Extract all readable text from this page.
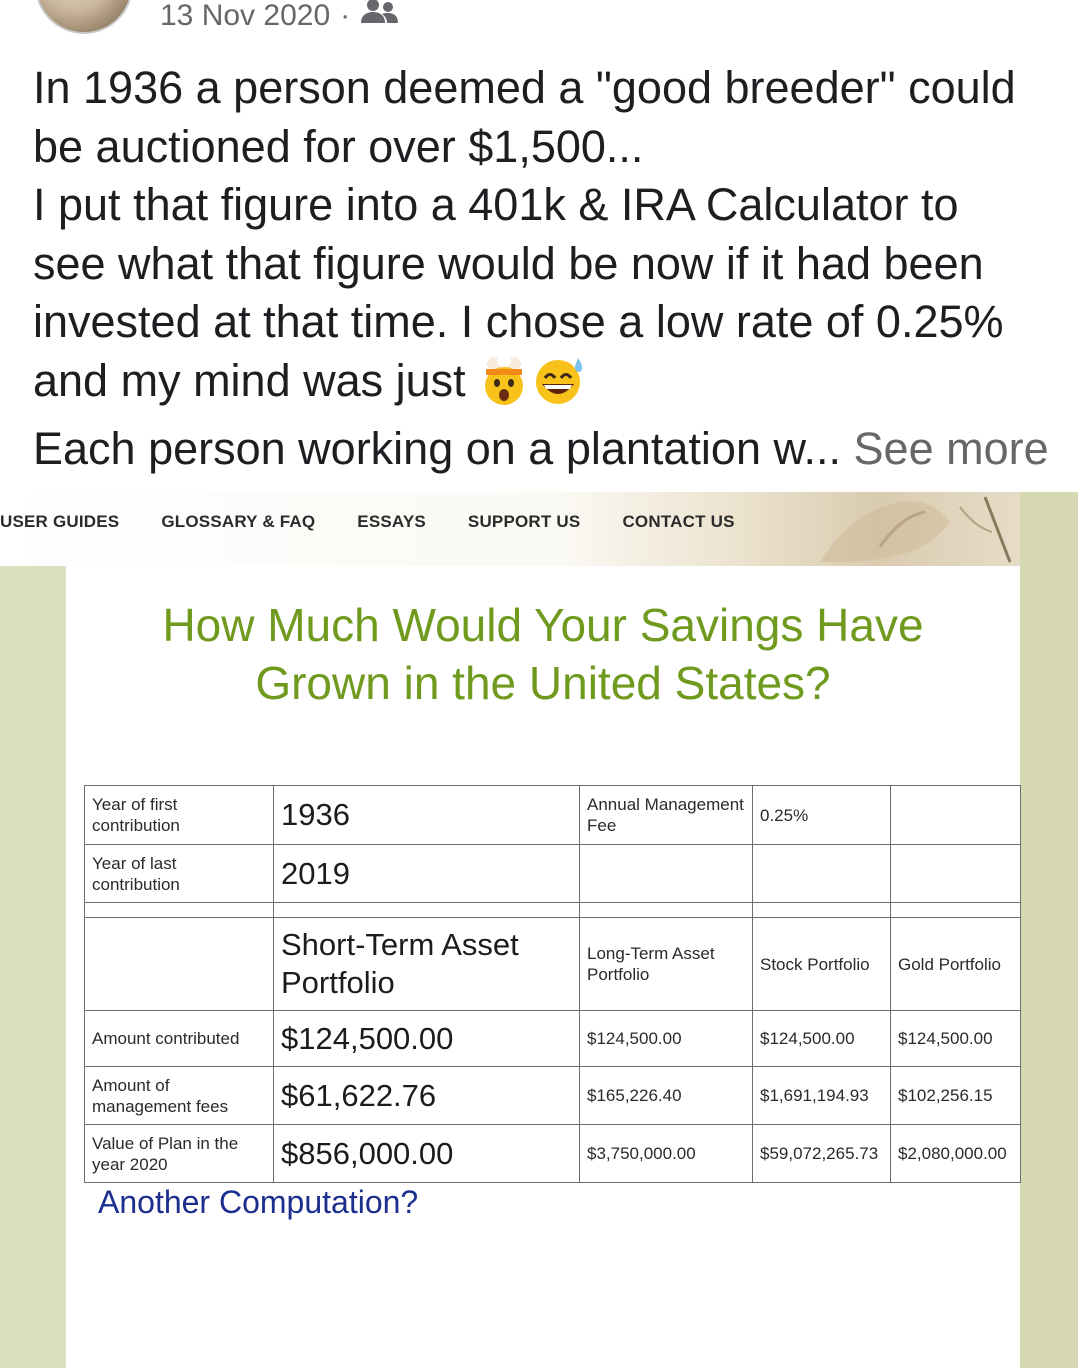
13 Nov 2020 ·
In 1936 a person deemed a "good breeder" could
be auctioned for over $1,500...
I put that figure into a 401k & IRA Calculator to
see what that figure would be now if it had been
invested at that time. I chose a low rate of 0.25%
and my mind was just
Each person working on a plantation w... See more
USER GUIDES GLOSSARY & FAQ ESSAYS SUPPORT US CONTACT US
How Much Would Your Savings Have
Grown in the United States?
Year of first contribution	1936	Annual Management Fee	0.25%	
Year of last contribution	2019			

	Short-Term Asset Portfolio	Long-Term Asset Portfolio	Stock Portfolio	Gold Portfolio
Amount contributed	$124,500.00	$124,500.00	$124,500.00	$124,500.00
Amount of management fees	$61,622.76	$165,226.40	$1,691,194.93	$102,256.15
Value of Plan in the year 2020	$856,000.00	$3,750,000.00	$59,072,265.73	$2,080,000.00
Another Computation?
